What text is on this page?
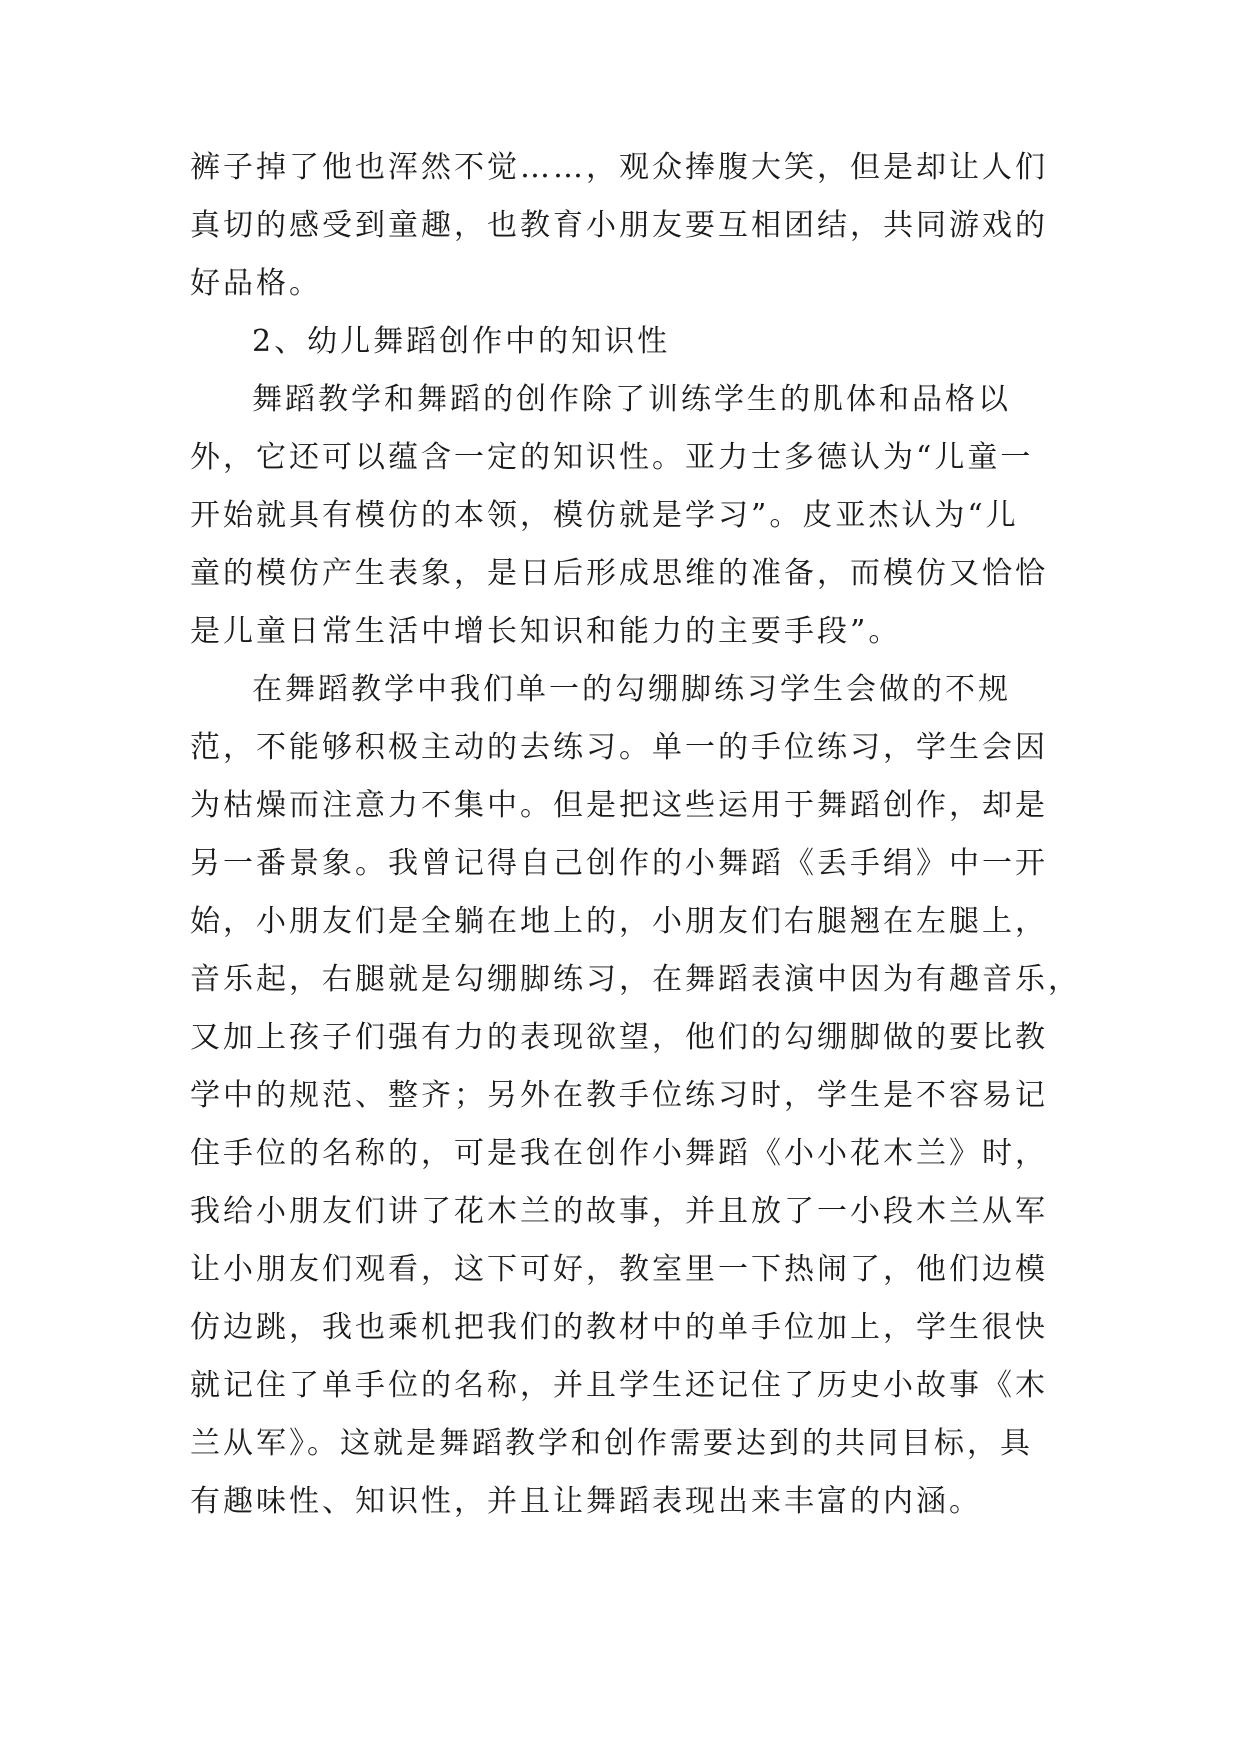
裤子掉了他也浑然不觉……，观众捧腹大笑，但是却让人们
真切的感受到童趣，也教育小朋友要互相团结，共同游戏的
好品格。
2、幼儿舞蹈创作中的知识性
舞蹈教学和舞蹈的创作除了训练学生的肌体和品格以
外，它还可以蕴含一定的知识性。亚力士多德认为“儿童一
开始就具有模仿的本领，模仿就是学习”。皮亚杰认为“儿
童的模仿产生表象，是日后形成思维的准备，而模仿又恰恰
是儿童日常生活中增长知识和能力的主要手段”。
在舞蹈教学中我们单一的勾绷脚练习学生会做的不规
范，不能够积极主动的去练习。单一的手位练习，学生会因
为枯燥而注意力不集中。但是把这些运用于舞蹈创作，却是
另一番景象。我曾记得自己创作的小舞蹈《丢手绢》中一开
始，小朋友们是全躺在地上的，小朋友们右腿翘在左腿上，
音乐起，右腿就是勾绷脚练习，在舞蹈表演中因为有趣音乐，
又加上孩子们强有力的表现欲望，他们的勾绷脚做的要比教
学中的规范、整齐；另外在教手位练习时，学生是不容易记
住手位的名称的，可是我在创作小舞蹈《小小花木兰》时，
我给小朋友们讲了花木兰的故事，并且放了一小段木兰从军
让小朋友们观看，这下可好，教室里一下热闹了，他们边模
仿边跳，我也乘机把我们的教材中的单手位加上，学生很快
就记住了单手位的名称，并且学生还记住了历史小故事《木
兰从军》。这就是舞蹈教学和创作需要达到的共同目标，具
有趣味性、知识性，并且让舞蹈表现出来丰富的内涵。
